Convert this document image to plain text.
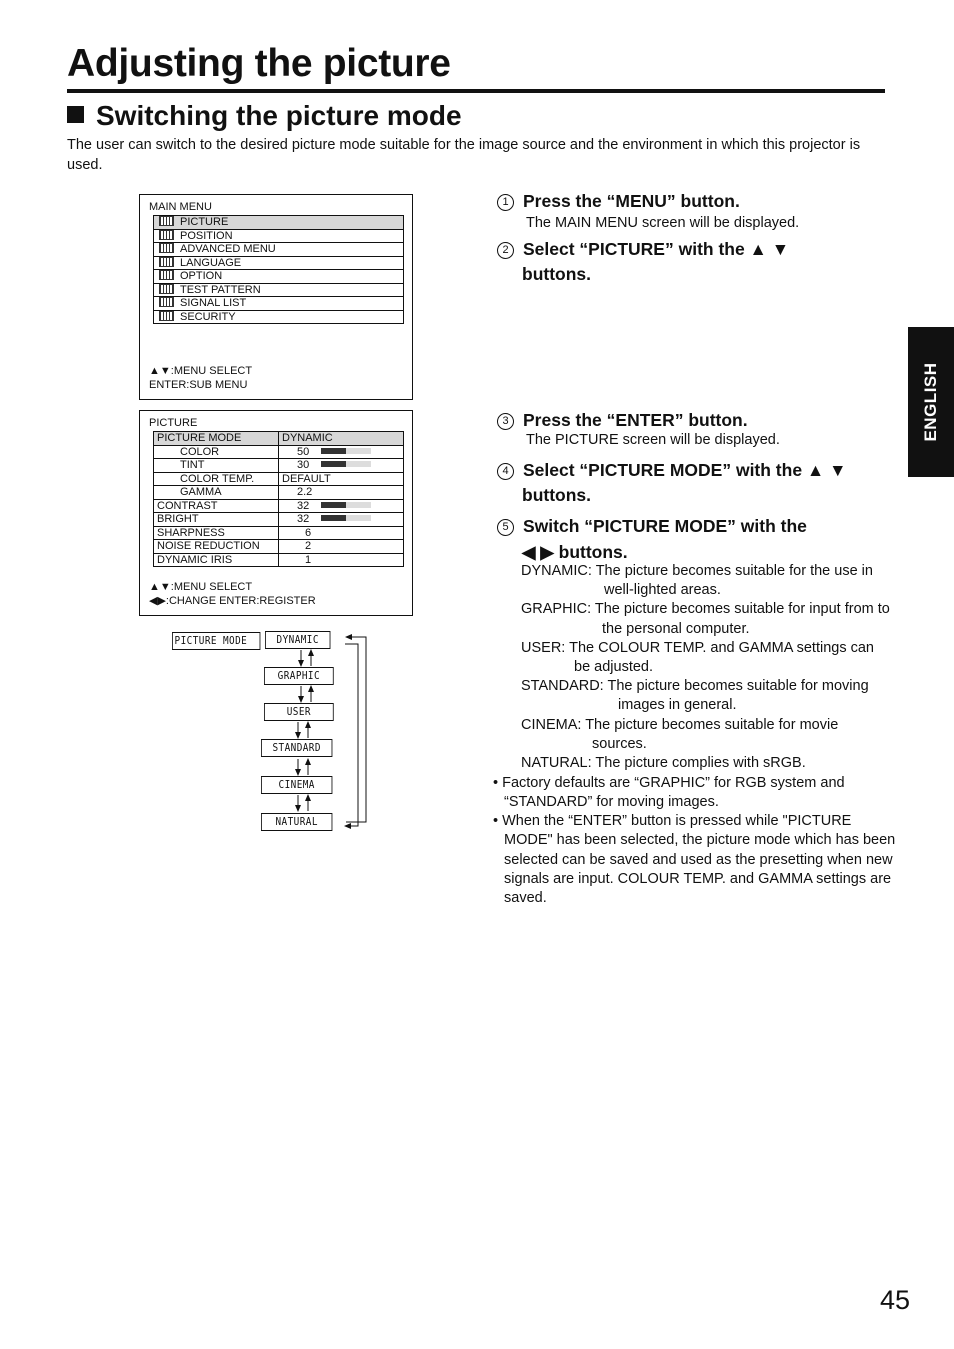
Adjusting the picture
Switching the picture mode

The user can switch to the desired picture mode suitable for the image source and the environment in which this projector is used.

MAIN MENU
PICTURE
POSITION
ADVANCED MENU
LANGUAGE
OPTION
TEST PATTERN
SIGNAL LIST
SECURITY
▲▼:MENU SELECT
ENTER:SUB MENU
PICTURE
PICTURE MODE	DYNAMIC
COLOR	50

TINT	30

COLOR TEMP.	DEFAULT
GAMMA	2.2
CONTRAST	32

BRIGHT	32

SHARPNESS	6
NOISE REDUCTION	2
DYNAMIC IRIS	1
▲▼:MENU SELECT
◀▶:CHANGE ENTER:REGISTER
PICTURE MODE	DYNAMIC
GRAPHIC
USER
STANDARD
CINEMA
NATURAL
1 Press the “MENU” button.
The MAIN MENU screen will be displayed.
2 Select “PICTURE” with the ▲ ▼
buttons.
3 Press the “ENTER” button.
The PICTURE screen will be displayed.
4 Select “PICTURE MODE” with the ▲ ▼
buttons.
5 Switch “PICTURE MODE” with the
◀ ▶ buttons.

DYNAMIC: The picture becomes suitable for the use in well-lighted areas.

GRAPHIC: The picture becomes suitable for input from to the personal computer.

USER: The COLOUR TEMP. and GAMMA settings can be adjusted.

STANDARD: The picture becomes suitable for moving images in general.

CINEMA: The picture becomes suitable for movie sources.

NATURAL: The picture complies with sRGB.

• Factory defaults are “GRAPHIC” for RGB system and “STANDARD” for moving images.
• When the “ENTER” button is pressed while "PICTURE MODE" has been selected, the picture mode which has been selected can be saved and used as the presetting when new signals are input. COLOUR TEMP. and GAMMA settings are saved.
ENGLISH
45
